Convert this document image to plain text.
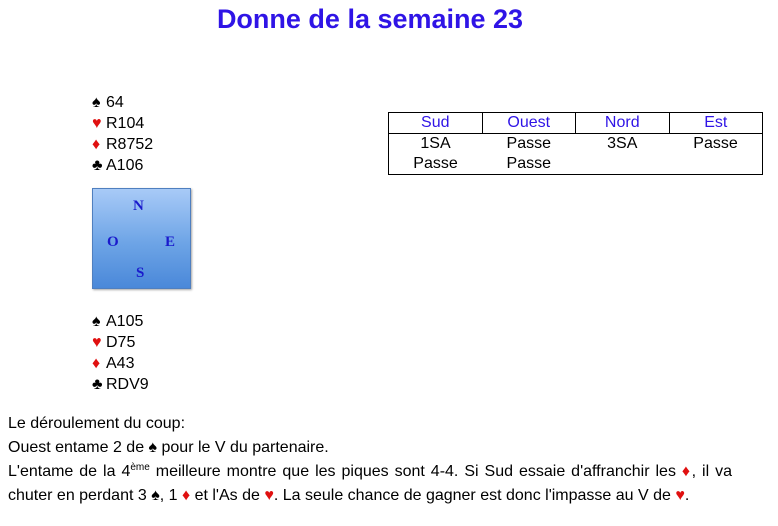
Donne de la semaine 23
♠ 64
♥ R104
♦ R8752
♣ A106
N
O	E
S
♠ A105
♥ D75
♦ A43
♣ RDV9
Sud	Ouest	Nord	Est
1SA	Passe	3SA	Passe
Passe	Passe		

Le déroulement du coup:

Ouest entame 2 de ♠ pour le V du partenaire.

L'entame de la 4ème meilleure montre que les piques sont 4-4. Si Sud essaie d'affranchir les ♦, il va chuter en perdant 3 ♠, 1 ♦ et l'As de ♥. La seule chance de gagner est donc l'impasse au V de ♥.
